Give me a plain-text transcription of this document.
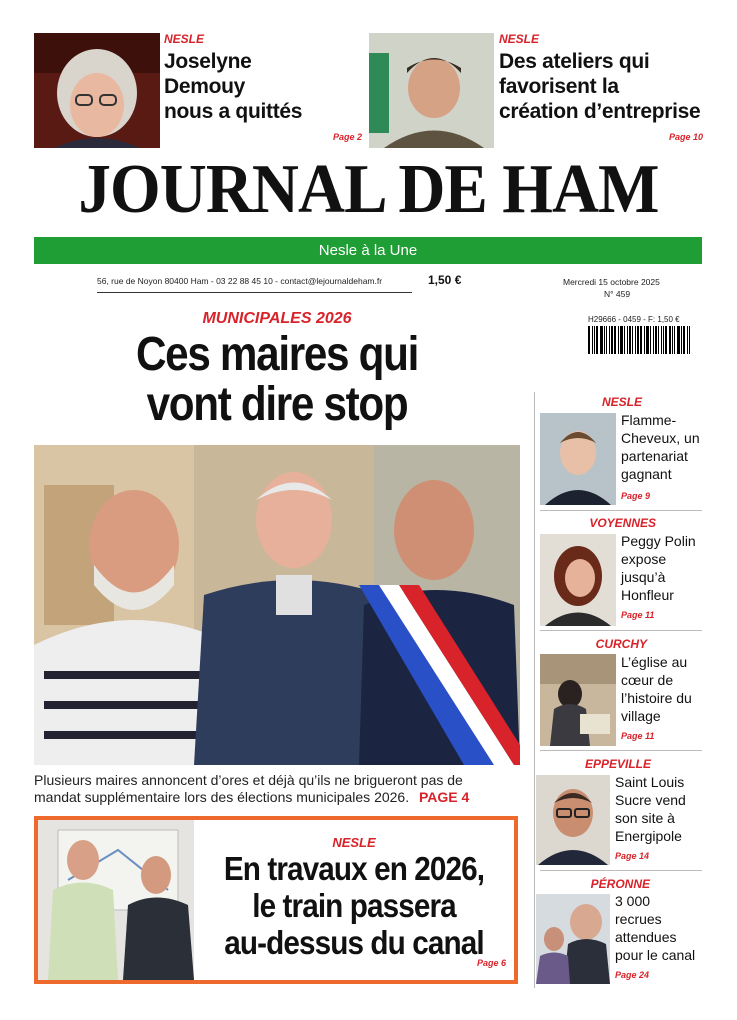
NESLE
Joselyne
Demouy
nous a quittés
Page 2
NESLE
Des ateliers qui
favorisent la
création d’entreprise
Page 10
JOURNAL DE HAM
Nesle à la Une
56, rue de Noyon 80400 Ham - 03 22 88 45 10 - contact@lejournaldeham.fr	1,50 €	Mercredi 15 octobre 2025
N° 459
H29666 - 0459 - F: 1,50 €
MUNICIPALES 2026
Ces maires qui
vont dire stop
Plusieurs maires annoncent d’ores et déjà qu’ils ne brigueront pas de
mandat supplémentaire lors des élections municipales 2026. PAGE 4
NESLE
En travaux en 2026,
le train passera
au-dessus du canal
Page 6
NESLE
Flamme-
Cheveux, un
partenariat
gagnant
Page 9
VOYENNES
Peggy Polin
expose
jusqu’à
Honfleur
Page 11
CURCHY
L’église au
cœur de
l’histoire du
village
Page 11
EPPEVILLE
Saint Louis
Sucre vend
son site à
Energipole
Page 14
PÉRONNE
3 000
recrues
attendues
pour le canal
Page 24
